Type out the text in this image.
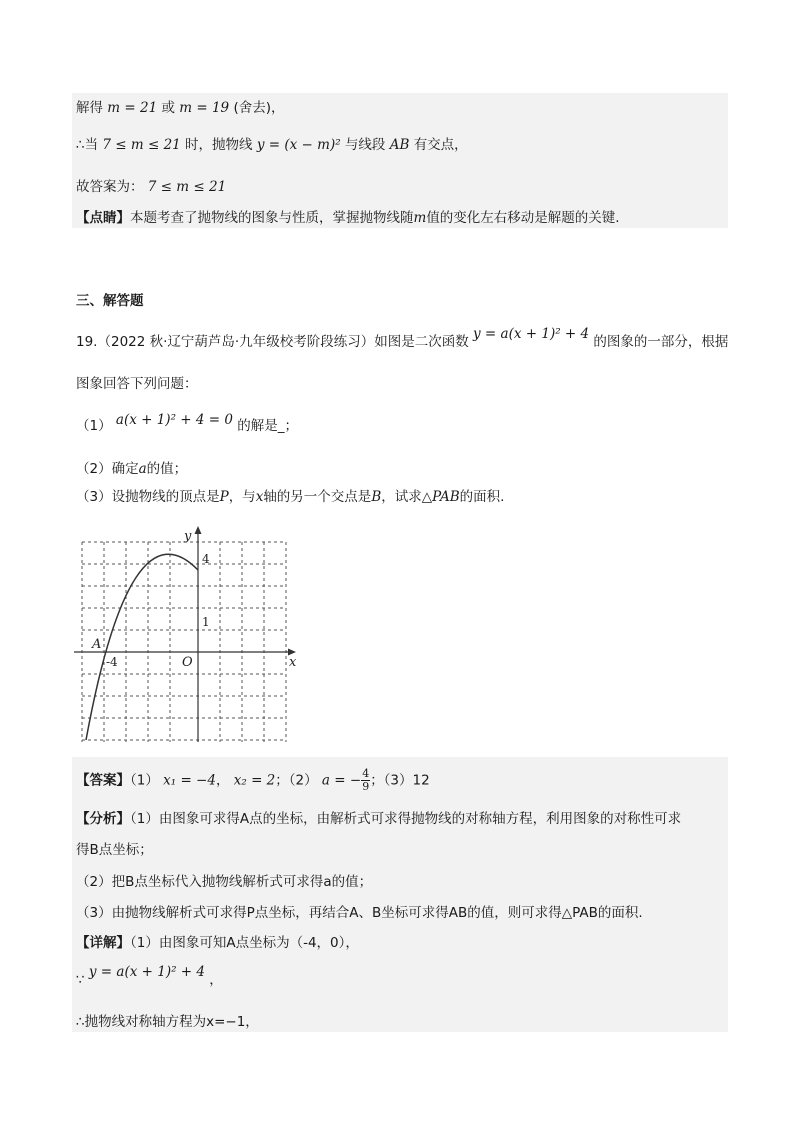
解得 m = 21 或 m = 19 (舍去)，
∴当 7 ≤ m ≤ 21 时，抛物线 y = (x − m)² 与线段 AB 有交点，
故答案为： 7 ≤ m ≤ 21
【点睛】本题考查了抛物线的图象与性质，掌握抛物线随m值的变化左右移动是解题的关键.
三、解答题
19.（2022 秋·辽宁葫芦岛·九年级校考阶段练习）如图是二次函数 y = a(x + 1)² + 4 的图象的一部分，根据
图象回答下列问题：
（1） a(x + 1)² + 4 = 0 的解是_；
（2）确定a的值；
（3）设抛物线的顶点是P，与x轴的另一个交点是B，试求△PAB的面积.
y
x
O
4
1
-4
A
【答案】（1） x₁ = −4， x₂ = 2；（2） a = − $\frac{4}{9}$ ；（3）12
【分析】（1）由图象可求得A点的坐标，由解析式可求得抛物线的对称轴方程，利用图象的对称性可求
得B点坐标；
（2）把B点坐标代入抛物线解析式可求得a的值；
（3）由抛物线解析式可求得P点坐标，再结合A、B坐标可求得AB的值，则可求得△PAB的面积.
【详解】（1）由图象可知A点坐标为（-4，0），
∵ y = a(x + 1)² + 4 ，
∴抛物线对称轴方程为x=−1，
